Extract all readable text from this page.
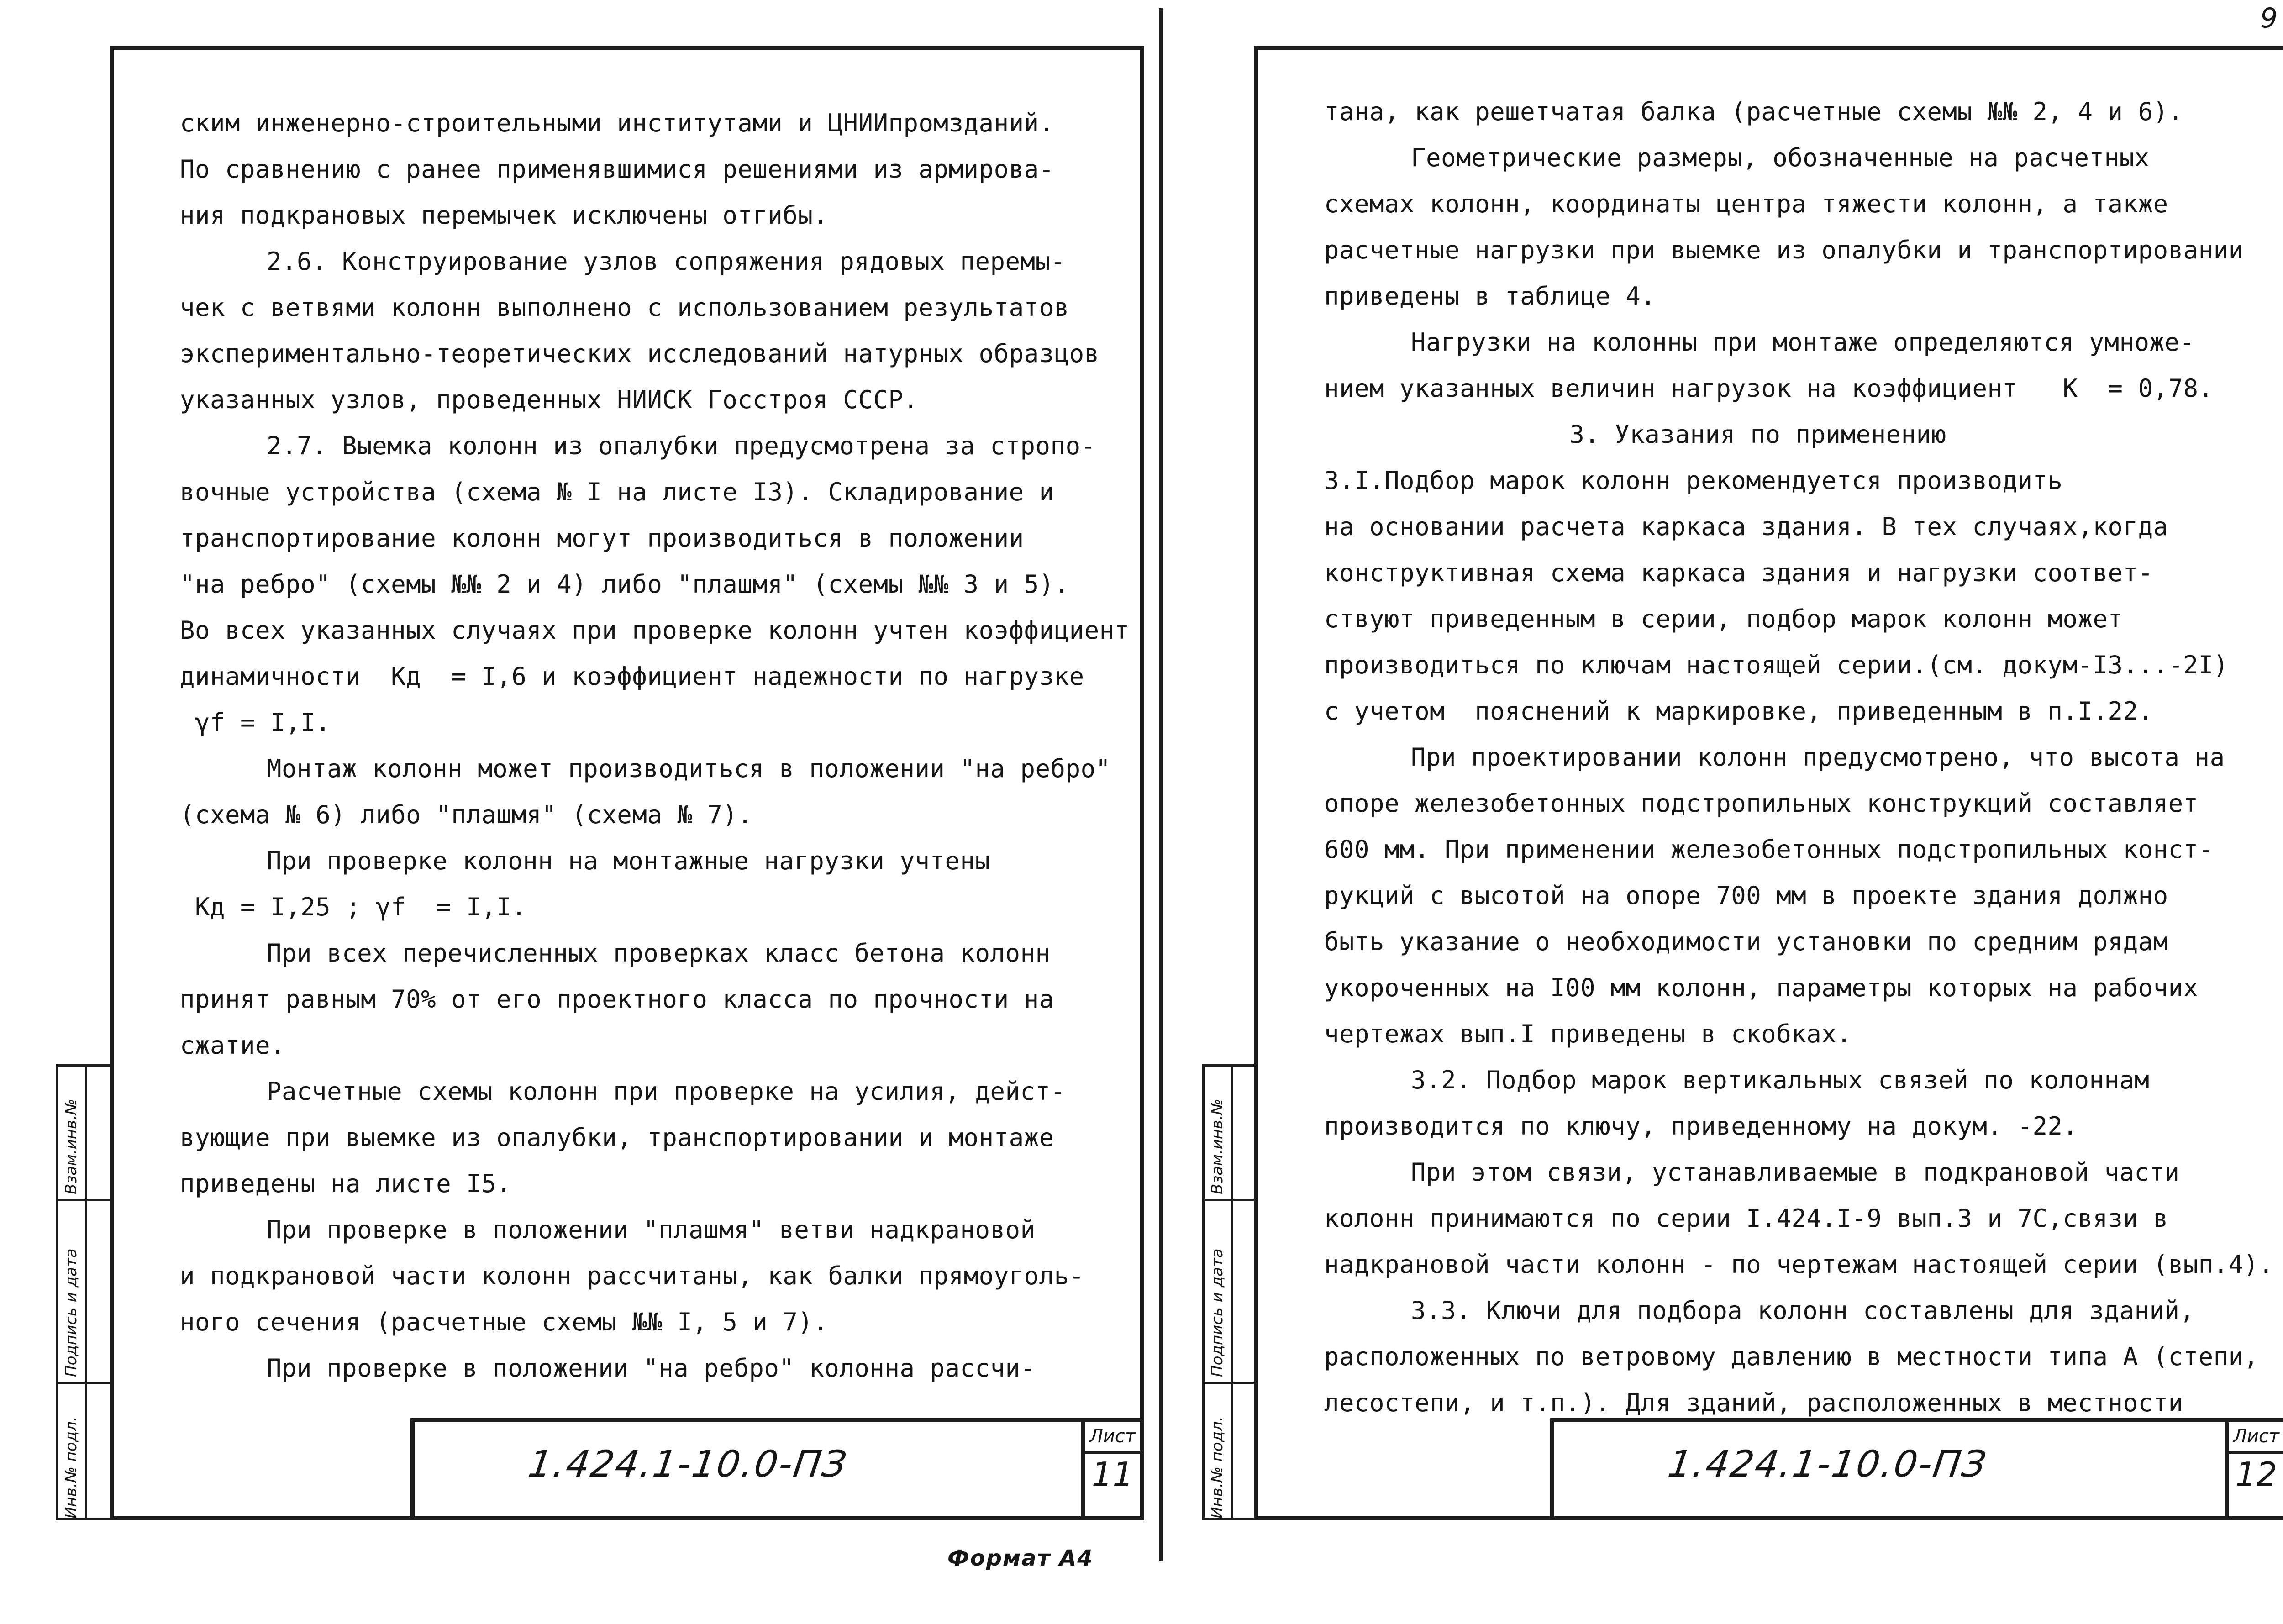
ским инженерно-строительными институтами и ЦНИИпромзданий.
По сравнению с ранее применявшимися решениями из армирова-
ния подкрановых перемычек исключены отгибы.
2.6. Конструирование узлов сопряжения рядовых перемы-
чек с ветвями колонн выполнено с использованием результатов
экспериментально-теоретических исследований натурных образцов
указанных узлов, проведенных НИИСК Госстроя СССР.
2.7. Выемка колонн из опалубки предусмотрена за стропо-
вочные устройства (схема № I на листе I3). Складирование и
транспортирование колонн могут производиться в положении
"на ребро" (схемы №№ 2 и 4) либо "плашмя" (схемы №№ 3 и 5).
Во всех указанных случаях при проверке колонн учтен коэффициент
динамичности  Kд  = I,6 и коэффициент надежности по нагрузке
γf = I,I.
Монтаж колонн может производиться в положении "на ребро"
(схема № 6) либо "плашмя" (схема № 7).
При проверке колонн на монтажные нагрузки учтены
Kд = I,25 ; γf  = I,I.
При всех перечисленных проверках класс бетона колонн
принят равным 70% от его проектного класса по прочности на
сжатие.
Расчетные схемы колонн при проверке на усилия, дейст-
вующие при выемке из опалубки, транспортировании и монтаже
приведены на листе I5.
При проверке в положении "плашмя" ветви надкрановой
и подкрановой части колонн рассчитаны, как балки прямоуголь-
ного сечения (расчетные схемы №№ I, 5 и 7).
При проверке в положении "на ребро" колонна рассчи-
1.424.1-10.0-ПЗ
Лист
11
Инв.№ подл.
Подпись и дата
Взам.инв.№
тана, как решетчатая балка (расчетные схемы №№ 2, 4 и 6).
Геометрические размеры, обозначенные на расчетных
схемах колонн, координаты центра тяжести колонн, а также
расчетные нагрузки при выемке из опалубки и транспортировании
приведены в таблице 4.
Нагрузки на колонны при монтаже определяются умноже-
нием указанных величин нагрузок на коэффициент   K  = 0,78.
3. Указания по применению
3.I.Подбор марок колонн рекомендуется производить
на основании расчета каркаса здания. В тех случаях,когда
конструктивная схема каркаса здания и нагрузки соответ-
ствуют приведенным в серии, подбор марок колонн может
производиться по ключам настоящей серии.(см. докум-I3...-2I)
с учетом  пояснений к маркировке, приведенным в п.I.22.
При проектировании колонн предусмотрено, что высота на
опоре железобетонных подстропильных конструкций составляет
600 мм. При применении железобетонных подстропильных конст-
рукций с высотой на опоре 700 мм в проекте здания должно
быть указание о необходимости установки по средним рядам
укороченных на I00 мм колонн, параметры которых на рабочих
чертежах вып.I приведены в скобках.
3.2. Подбор марок вертикальных связей по колоннам
производится по ключу, приведенному на докум. -22.
При этом связи, устанавливаемые в подкрановой части
колонн принимаются по серии I.424.I-9 вып.3 и 7С,связи в
надкрановой части колонн - по чертежам настоящей серии (вып.4).
3.3. Ключи для подбора колонн составлены для зданий,
расположенных по ветровому давлению в местности типа А (степи,
лесостепи, и т.п.). Для зданий, расположенных в местности
1.424.1-10.0-ПЗ
Лист
12
Инв.№ подл.
Подпись и дата
Взам.инв.№
Формат А4
9
